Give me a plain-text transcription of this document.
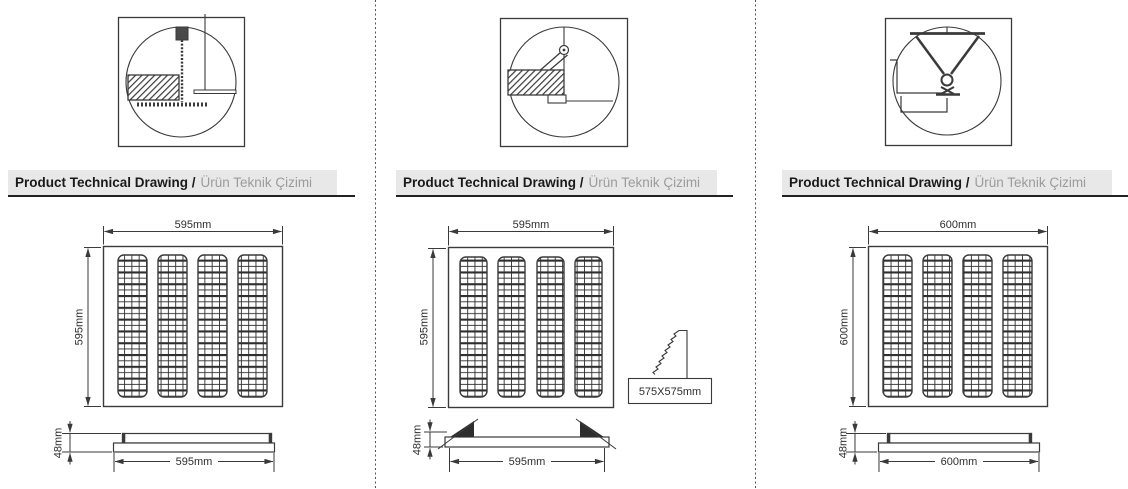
Product Technical Drawing / Ürün Teknik Çizimi	Product Technical Drawing / Ürün Teknik Çizimi	Product Technical Drawing / Ürün Teknik Çizimi
595mm
595mm
595mm
48mm
595mm
595mm
575X575mm
595mm
48mm
600mm
600mm
600mm
48mm
